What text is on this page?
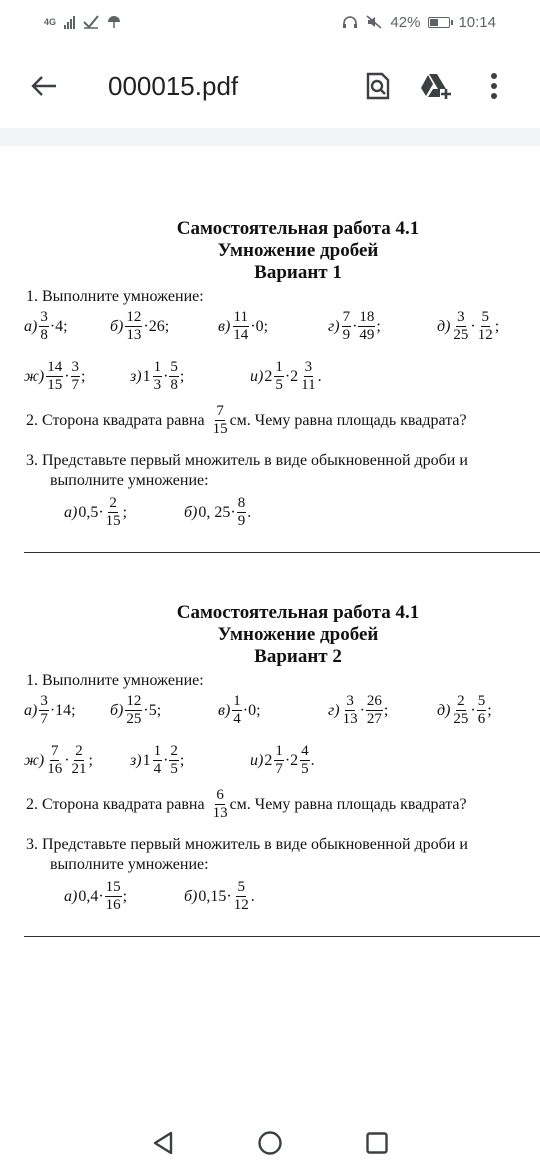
4G	42%	10:14
000015.pdf
Самостоятельная работа 4.1
Умножение дробей
Вариант 1
1. Выполните умножение:
$а) \frac{3}{8} \cdot 4$;	$б) \frac{12}{13} \cdot 26$;	$в) \frac{11}{14} \cdot 0$;	$г) \frac{7}{9} \cdot \frac{18}{49}$ ;	$д) \frac{3}{25} \cdot \frac{5}{12}$ ;
$ж) \frac{14}{15} \cdot \frac{3}{7}$ ;	з) $1 \frac{1}{3} \cdot \frac{5}{8}$ ;	и) $2 \frac{1}{5} \cdot 2 \frac{3}{11}$ .
2. Сторона квадрата равна $\frac{7}{15}$ см. Чему равна площадь квадрата?
3. Представьте первый множитель в виде обыкновенной дроби и
выполните умножение:
а) $0,5\cdot \frac{2}{15}$ ;	б) 0, $25\cdot \frac{8}{9}$ .
Самостоятельная работа 4.1
Умножение дробей
Вариант 2
1. Выполните умножение:
$а) \frac{3}{7} \cdot 14$; $б) \frac{12}{25} \cdot 5$;	$в) \frac{1}{4} \cdot 0$;	$г) \frac{3}{13} \cdot \frac{26}{27}$ ;	$д) \frac{2}{25} \cdot \frac{5}{6}$ ;
$ж) \frac{7}{16} \cdot \frac{2}{21}$ ; з) $1 \frac{1}{4} \cdot \frac{2}{5}$ ;	и) $2 \frac{1}{7} \cdot 2 \frac{4}{5}$ .
2. Сторона квадрата равна $\frac{6}{13}$ см. Чему равна площадь квадрата?
3. Представьте первый множитель в виде обыкновенной дроби и
выполните умножение:
а) $0,4\cdot \frac{15}{16}$ ;	б) $0,15\cdot \frac{5}{12}$ .
